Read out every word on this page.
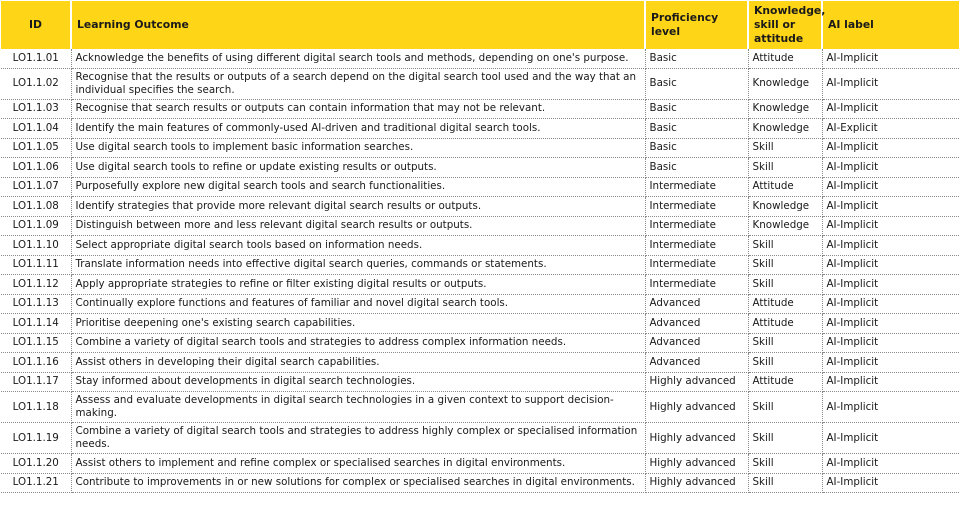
ID	Learning Outcome	Proficiency level	Knowledge, skill or attitude	AI label
LO1.1.01	Acknowledge the benefits of using different digital search tools and methods, depending on one's purpose.	Basic	Attitude	AI-Implicit
LO1.1.02	Recognise that the results or outputs of a search depend on the digital search tool used and the way that an individual specifies the search.	Basic	Knowledge	AI-Implicit
LO1.1.03	Recognise that search results or outputs can contain information that may not be relevant.	Basic	Knowledge	AI-Implicit
LO1.1.04	Identify the main features of commonly-used AI-driven and traditional digital search tools.	Basic	Knowledge	AI-Explicit
LO1.1.05	Use digital search tools to implement basic information searches.	Basic	Skill	AI-Implicit
LO1.1.06	Use digital search tools to refine or update existing results or outputs.	Basic	Skill	AI-Implicit
LO1.1.07	Purposefully explore new digital search tools and search functionalities.	Intermediate	Attitude	AI-Implicit
LO1.1.08	Identify strategies that provide more relevant digital search results or outputs.	Intermediate	Knowledge	AI-Implicit
LO1.1.09	Distinguish between more and less relevant digital search results or outputs.	Intermediate	Knowledge	AI-Implicit
LO1.1.10	Select appropriate digital search tools based on information needs.	Intermediate	Skill	AI-Implicit
LO1.1.11	Translate information needs into effective digital search queries, commands or statements.	Intermediate	Skill	AI-Implicit
LO1.1.12	Apply appropriate strategies to refine or filter existing digital results or outputs.	Intermediate	Skill	AI-Implicit
LO1.1.13	Continually explore functions and features of familiar and novel digital search tools.	Advanced	Attitude	AI-Implicit
LO1.1.14	Prioritise deepening one's existing search capabilities.	Advanced	Attitude	AI-Implicit
LO1.1.15	Combine a variety of digital search tools and strategies to address complex information needs.	Advanced	Skill	AI-Implicit
LO1.1.16	Assist others in developing their digital search capabilities.	Advanced	Skill	AI-Implicit
LO1.1.17	Stay informed about developments in digital search technologies.	Highly advanced	Attitude	AI-Implicit
LO1.1.18	Assess and evaluate developments in digital search technologies in a given context to support decision-making.	Highly advanced	Skill	AI-Implicit
LO1.1.19	Combine a variety of digital search tools and strategies to address highly complex or specialised information needs.	Highly advanced	Skill	AI-Implicit
LO1.1.20	Assist others to implement and refine complex or specialised searches in digital environments.	Highly advanced	Skill	AI-Implicit
LO1.1.21	Contribute to improvements in or new solutions for complex or specialised searches in digital environments.	Highly advanced	Skill	AI-Implicit
